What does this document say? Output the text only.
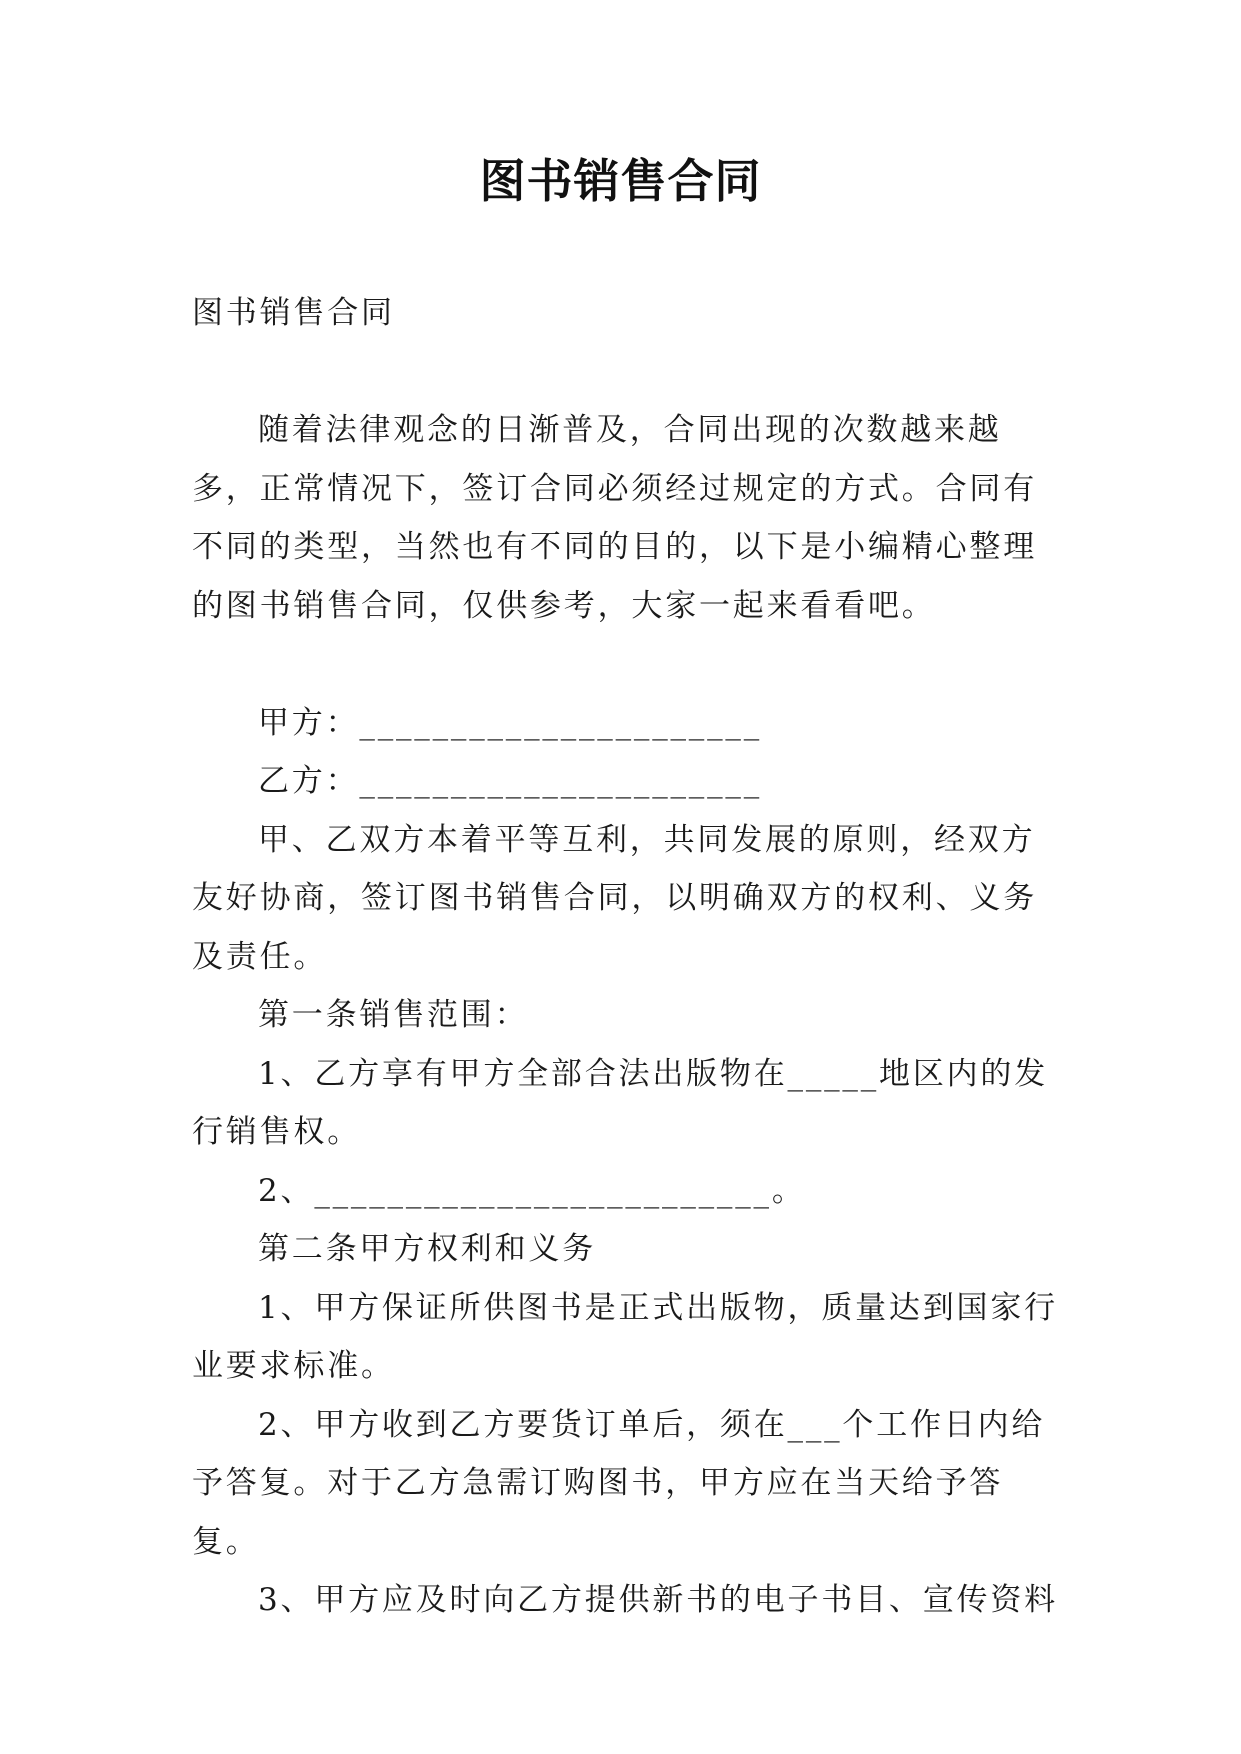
图书销售合同

图书销售合同

随着法律观念的日渐普及，合同出现的次数越来越多，正常情况下，签订合同必须经过规定的方式。合同有不同的类型，当然也有不同的目的，以下是小编精心整理的图书销售合同，仅供参考，大家一起来看看吧。

甲方：______________________

乙方：______________________

甲、乙双方本着平等互利，共同发展的原则，经双方友好协商，签订图书销售合同，以明确双方的权利、义务及责任。

第一条销售范围：

1、乙方享有甲方全部合法出版物在_____地区内的发行销售权。

2、_________________________。

第二条甲方权利和义务

1、甲方保证所供图书是正式出版物，质量达到国家行业要求标准。

2、甲方收到乙方要货订单后，须在___个工作日内给予答复。对于乙方急需订购图书，甲方应在当天给予答复。

3、甲方应及时向乙方提供新书的电子书目、宣传资料
